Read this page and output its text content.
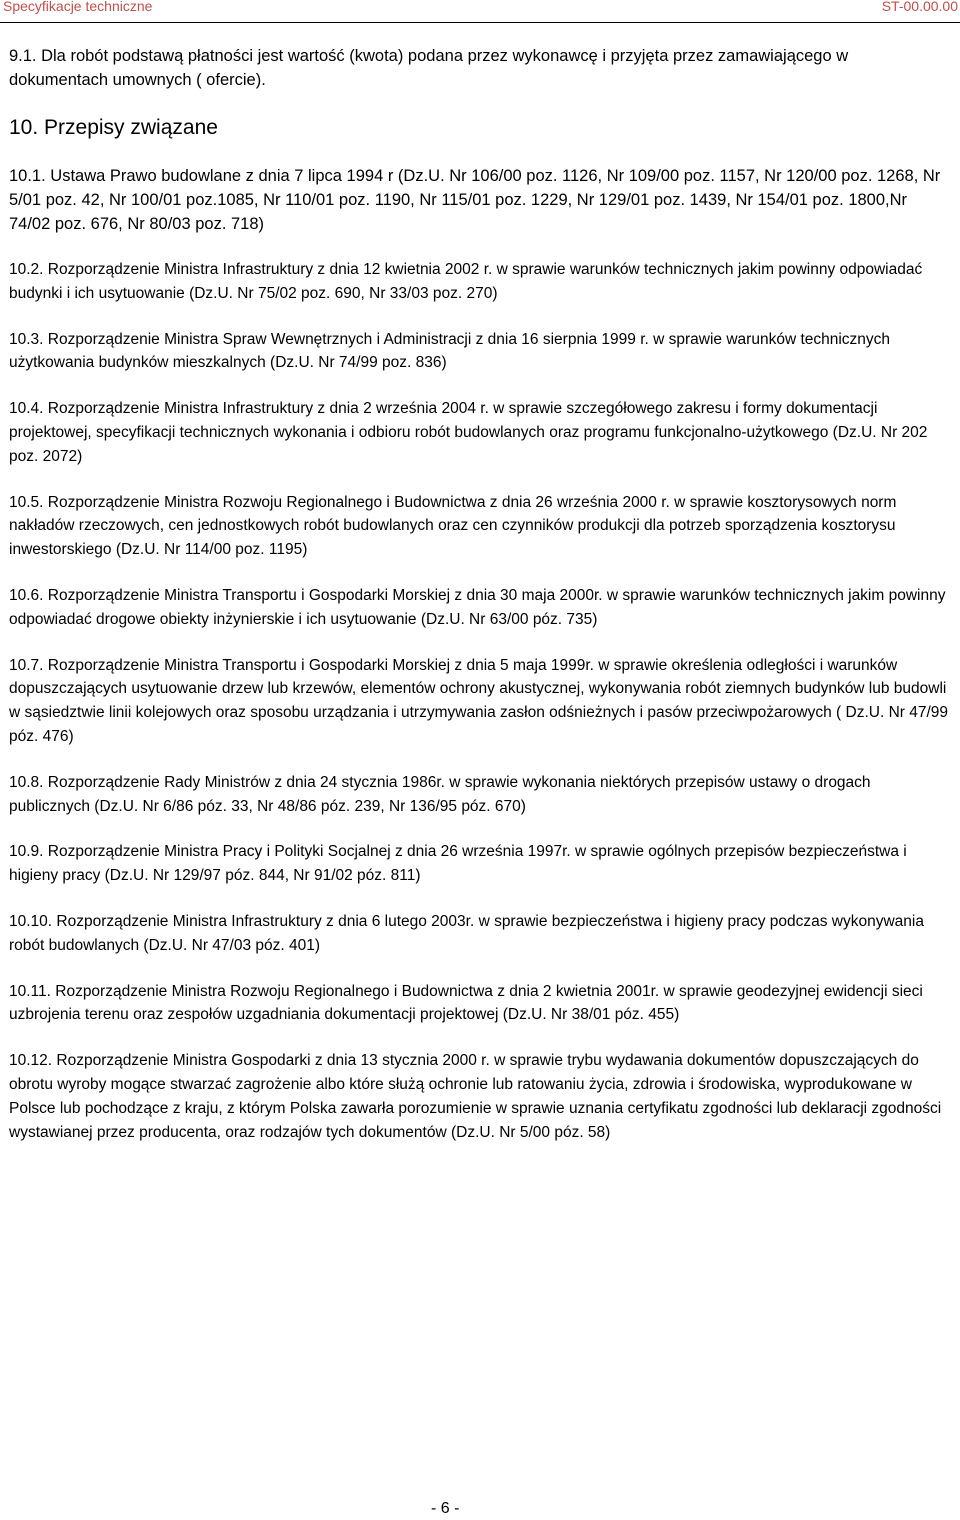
Specyfikacje techniczne	ST-00.00.00

9.1. Dla robót podstawą płatności jest wartość (kwota) podana przez wykonawcę i przyjęta przez zamawiającego w dokumentach umownych ( ofercie).

10. Przepisy związane

10.1. Ustawa Prawo budowlane z dnia 7 lipca 1994 r (Dz.U. Nr 106/00 poz. 1126, Nr 109/00 poz. 1157, Nr 120/00 poz. 1268, Nr 5/01 poz. 42, Nr 100/01 poz.1085, Nr 110/01 poz. 1190, Nr 115/01 poz. 1229, Nr 129/01 poz. 1439, Nr 154/01 poz. 1800,Nr 74/02 poz. 676, Nr 80/03 poz. 718)

10.2. Rozporządzenie Ministra Infrastruktury z dnia 12 kwietnia 2002 r. w sprawie warunków technicznych jakim powinny odpowiadać budynki i ich usytuowanie (Dz.U. Nr 75/02 poz. 690, Nr 33/03 poz. 270)

10.3. Rozporządzenie Ministra Spraw Wewnętrznych i Administracji z dnia 16 sierpnia 1999 r. w sprawie warunków technicznych użytkowania budynków mieszkalnych (Dz.U. Nr 74/99 poz. 836)

10.4. Rozporządzenie Ministra Infrastruktury z dnia 2 września 2004 r. w sprawie szczegółowego zakresu i formy dokumentacji projektowej, specyfikacji technicznych wykonania i odbioru robót budowlanych oraz programu funkcjonalno-użytkowego (Dz.U. Nr 202 poz. 2072)

10.5. Rozporządzenie Ministra Rozwoju Regionalnego i Budownictwa z dnia 26 września 2000 r. w sprawie kosztorysowych norm nakładów rzeczowych, cen jednostkowych robót budowlanych oraz cen czynników produkcji dla potrzeb sporządzenia kosztorysu inwestorskiego (Dz.U. Nr 114/00 poz. 1195)

10.6. Rozporządzenie Ministra Transportu i Gospodarki Morskiej z dnia 30 maja 2000r. w sprawie warunków technicznych jakim powinny odpowiadać drogowe obiekty inżynierskie i ich usytuowanie (Dz.U. Nr 63/00 póz. 735)

10.7. Rozporządzenie Ministra Transportu i Gospodarki Morskiej z dnia 5 maja 1999r. w sprawie określenia odległości i warunków dopuszczających usytuowanie drzew lub krzewów, elementów ochrony akustycznej, wykonywania robót ziemnych budynków lub budowli w sąsiedztwie linii kolejowych oraz sposobu urządzania i utrzymywania zasłon odśnieżnych i pasów przeciwpożarowych ( Dz.U. Nr 47/99 póz. 476)

10.8. Rozporządzenie Rady Ministrów z dnia 24 stycznia 1986r. w sprawie wykonania niektórych przepisów ustawy o drogach publicznych (Dz.U. Nr 6/86 póz. 33, Nr 48/86 póz. 239, Nr 136/95 póz. 670)

10.9. Rozporządzenie Ministra Pracy i Polityki Socjalnej z dnia 26 września 1997r. w sprawie ogólnych przepisów bezpieczeństwa i higieny pracy (Dz.U. Nr 129/97 póz. 844, Nr 91/02 póz. 811)

10.10. Rozporządzenie Ministra Infrastruktury z dnia 6 lutego 2003r. w sprawie bezpieczeństwa i higieny pracy podczas wykonywania robót budowlanych (Dz.U. Nr 47/03 póz. 401)

10.11. Rozporządzenie Ministra Rozwoju Regionalnego i Budownictwa z dnia 2 kwietnia 2001r. w sprawie geodezyjnej ewidencji sieci uzbrojenia terenu oraz zespołów uzgadniania dokumentacji projektowej (Dz.U. Nr 38/01 póz. 455)

10.12. Rozporządzenie Ministra Gospodarki z dnia 13 stycznia 2000 r. w sprawie trybu wydawania dokumentów dopuszczających do obrotu wyroby mogące stwarzać zagrożenie albo które służą ochronie lub ratowaniu życia, zdrowia i środowiska, wyprodukowane w Polsce lub pochodzące z kraju, z którym Polska zawarła porozumienie w sprawie uznania certyfikatu zgodności lub deklaracji zgodności wystawianej przez producenta, oraz rodzajów tych dokumentów (Dz.U. Nr 5/00 póz. 58)

- 6 -
